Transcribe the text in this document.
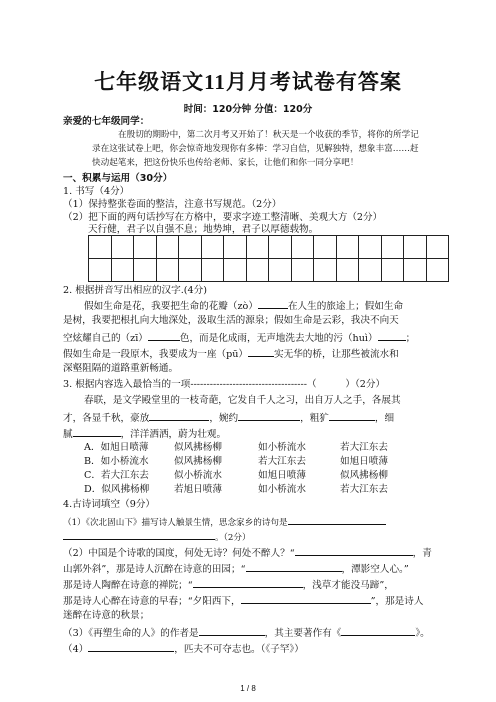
七年级语文11月月考试卷有答案
时间：120分钟 分值：120分
亲爱的七年级同学：
在殷切的期盼中，第二次月考又开始了！秋天是一个收获的季节，将你的所学记
录在这张试卷上吧，你会惊奇地发现你有多棒：学习自信，见解独特，想象丰富……赶
快动起笔来，把这份快乐也传给老师、家长，让他们和你一同分享吧！
一、积累与运用（30分）
1. 书写（4分）
（1）保持整张卷面的整洁，注意书写规范。（2分）
（2）把下面的两句话抄写在方格中，要求字迹工整清晰、美观大方（2分）
天行健，君子以自强不息；地势坤，君子以厚德载物。

2. 根据拼音写出相应的汉字.(4分)
假如生命是花，我要把生命的花瓣（zò）	在人生的旅途上；假如生命
是树，我要把根扎向大地深处，汲取生活的源泉；假如生命是云彩，我决不向天
空炫耀自己的（zī）	色，而是化成雨，无声地洗去大地的污（huì）	；
假如生命是一段原木，我要成为一座（pū）	实无华的桥，让那些被流水和
深壑阻隔的道路重新畅通。
3. 根据内容选入最恰当的一项------------------------------------（　　　）（2分）
春联，是文学殿堂里的一枝奇葩，它发自千人之习，出自万人之手，各展其
才，各显千秋，豪放	，婉约	，粗犷	，细
腻	，洋洋洒洒，蔚为壮观。
A．如旭日喷薄	似风拂杨柳	如小桥流水	若大江东去
B．如小桥流水	似风拂杨柳	若大江东去	如旭日喷薄
C．若大江东去	似小桥流水	如旭日喷薄	似风拂杨柳
D．似风拂杨柳	若旭日喷薄	如小桥流水	若大江东去
4.古诗词填空（9分）
（1）《次北固山下》描写诗人触景生情，思念家乡的诗句是
。（2分）
（2）中国是个诗歌的国度，何处无诗？何处不醉人？“	，青
山郭外斜”，那是诗人沉醉在诗意的田园；“	，潭影空人心。”
那是诗人陶醉在诗意的禅院；“	，浅草才能没马蹄”，
那是诗人心醉在诗意的早春；“夕阳西下，	”，那是诗人
迷醉在诗意的秋景；
（3）《再塑生命的人》的作者是	，其主要著作有《	》。
（4）	，匹夫不可夺志也。（《子罕》）
1 / 8
